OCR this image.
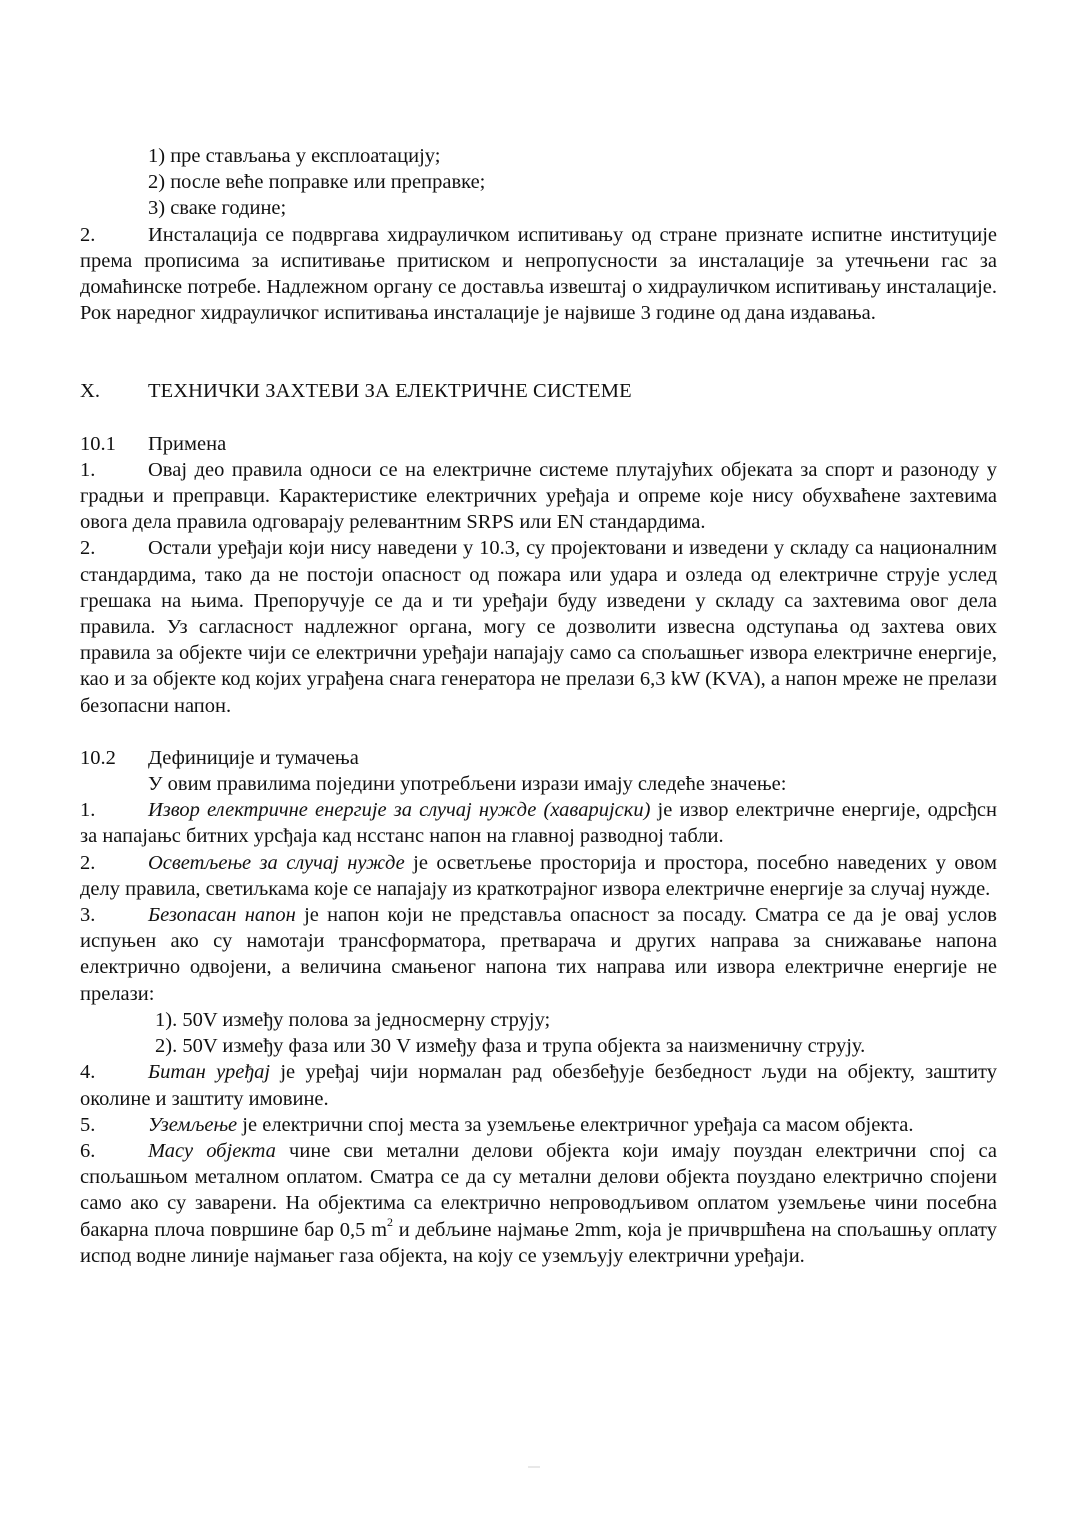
1) пре стављања у експлоатацију;
2) после веће поправке или преправке;
3) сваке године;

2.	Инсталација се подвргава хидрауличком испитивању од стране признате испитне институције према прописима за испитивање притиском и непропусности за инсталације за утечњени гас за домаћинске потребе. Надлежном органу се доставља извештај о хидрауличком испитивању инсталације. Рок наредног хидрауличког испитивања инсталације је највише 3 године од дана издавања.

X. ТЕХНИЧКИ ЗАХТЕВИ ЗА ЕЛЕКТРИЧНЕ СИСТЕМЕ
10.1 Примена

1.	Овај део правила односи се на електричне системе плутајућих објеката за спорт и разоноду у градњи и преправци. Карактеристике електричних уређаја и опреме које нису обухваћене захтевима овога дела правила одговарају релевантним SRPS или EN стандардима.

2.	Остали уређаји који нису наведени у 10.3, су пројектовани и изведени у складу са националним стандардима, тако да не постоји опасност од пожара или удара и озледа од електричне струје услед грешака на њима. Препоручује се да и ти уређаји буду изведени у складу са захтевима овог дела правила. Уз сагласност надлежног органа, могу се дозволити извесна одступања од захтева ових правила за објекте чији се електрични уређаји напајају само са спољашњег извора електричне енергије, као и за објекте код којих уграђена снага генератора не прелази 6,3 kW (KVA), а напон мреже не прелази безопасни напон.

10.2 Дефиниције и тумачења
У овим правилима поједини употребљени изрази имају следеће значење:

1.	Извор електричне енергије за случај нужде (хаваријски) је извор електричне енергије, одрсђсн за напајањс битних урсђаја кад нсстанс напон на главној разводној табли.

2.	Осветљење за случај нужде је осветљење просторија и простора, посебно наведених у овом делу правила, светиљкама које се напајају из краткотрајног извора електричне енергије за случај нужде.

3.	Безопасан напон је напон који не представља опасност за посаду. Сматра се да је овај услов испуњен ако су намотаји трансформатора, претварача и других направа за снижавање напона електрично одвојени, а величина смањеног напона тих направа или извора електричне енергије не прелази:

1). 50V између полова за једносмерну струју;
2). 50V између фаза или 30 V између фаза и трупа објекта за наизменичну струју.

4.	Битан уређај је уређај чији нормалан рад обезбеђује безбедност људи на објекту, заштиту околине и заштиту имовине.

5.	Уземљење је електрични спој места за уземљење електричног уређаја са масом објекта.

6.	Масу објекта чине сви метални делови објекта који имају поуздан електрични спој са спољашњом металном оплатом. Сматра се да су метални делови објекта поуздано електрично спојени само ако су заварени. На објектима са електрично непроводљивом оплатом уземљење чини посебна бакарна плоча површине бар 0,5 $m^2$ и дебљине најмање 2mm, која је причвршћена на спољашњу оплату испод водне линије најмањег газа објекта, на коју се уземљују електрични уређаји.
